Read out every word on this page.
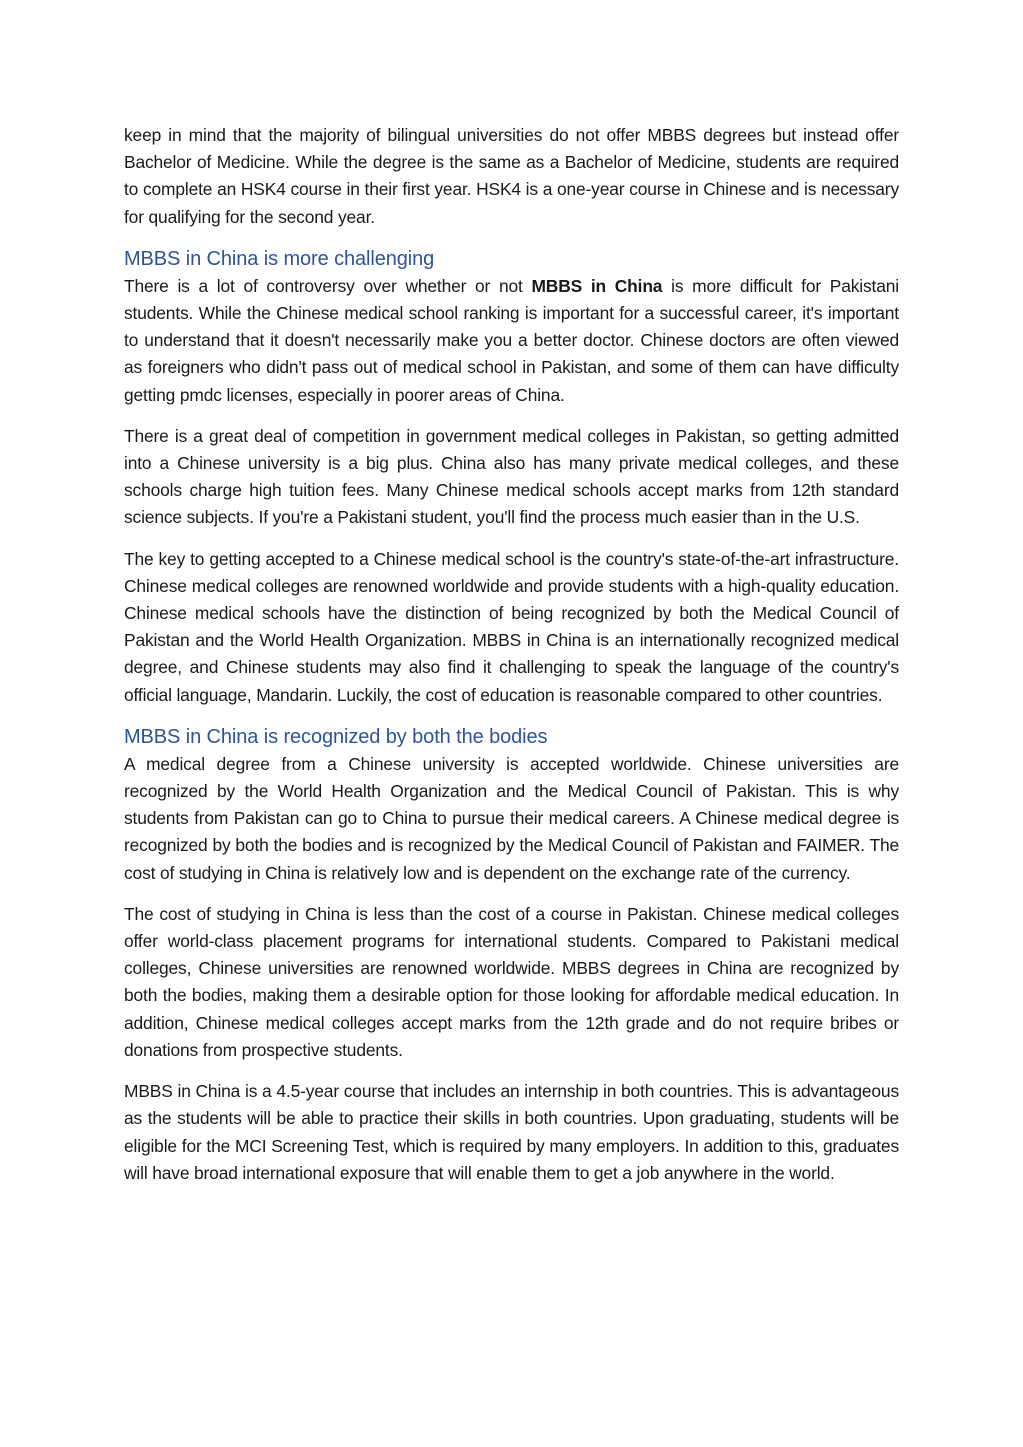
keep in mind that the majority of bilingual universities do not offer MBBS degrees but instead offer Bachelor of Medicine. While the degree is the same as a Bachelor of Medicine, students are required to complete an HSK4 course in their first year. HSK4 is a one-year course in Chinese and is necessary for qualifying for the second year.

MBBS in China is more challenging

There is a lot of controversy over whether or not MBBS in China is more difficult for Pakistani students. While the Chinese medical school ranking is important for a successful career, it's important to understand that it doesn't necessarily make you a better doctor. Chinese doctors are often viewed as foreigners who didn't pass out of medical school in Pakistan, and some of them can have difficulty getting pmdc licenses, especially in poorer areas of China.

There is a great deal of competition in government medical colleges in Pakistan, so getting admitted into a Chinese university is a big plus. China also has many private medical colleges, and these schools charge high tuition fees. Many Chinese medical schools accept marks from 12th standard science subjects. If you're a Pakistani student, you'll find the process much easier than in the U.S.

The key to getting accepted to a Chinese medical school is the country's state-of-the-art infrastructure. Chinese medical colleges are renowned worldwide and provide students with a high-quality education. Chinese medical schools have the distinction of being recognized by both the Medical Council of Pakistan and the World Health Organization. MBBS in China is an internationally recognized medical degree, and Chinese students may also find it challenging to speak the language of the country's official language, Mandarin. Luckily, the cost of education is reasonable compared to other countries.

MBBS in China is recognized by both the bodies

A medical degree from a Chinese university is accepted worldwide. Chinese universities are recognized by the World Health Organization and the Medical Council of Pakistan. This is why students from Pakistan can go to China to pursue their medical careers. A Chinese medical degree is recognized by both the bodies and is recognized by the Medical Council of Pakistan and FAIMER. The cost of studying in China is relatively low and is dependent on the exchange rate of the currency.

The cost of studying in China is less than the cost of a course in Pakistan. Chinese medical colleges offer world-class placement programs for international students. Compared to Pakistani medical colleges, Chinese universities are renowned worldwide. MBBS degrees in China are recognized by both the bodies, making them a desirable option for those looking for affordable medical education. In addition, Chinese medical colleges accept marks from the 12th grade and do not require bribes or donations from prospective students.

MBBS in China is a 4.5-year course that includes an internship in both countries. This is advantageous as the students will be able to practice their skills in both countries. Upon graduating, students will be eligible for the MCI Screening Test, which is required by many employers. In addition to this, graduates will have broad international exposure that will enable them to get a job anywhere in the world.
